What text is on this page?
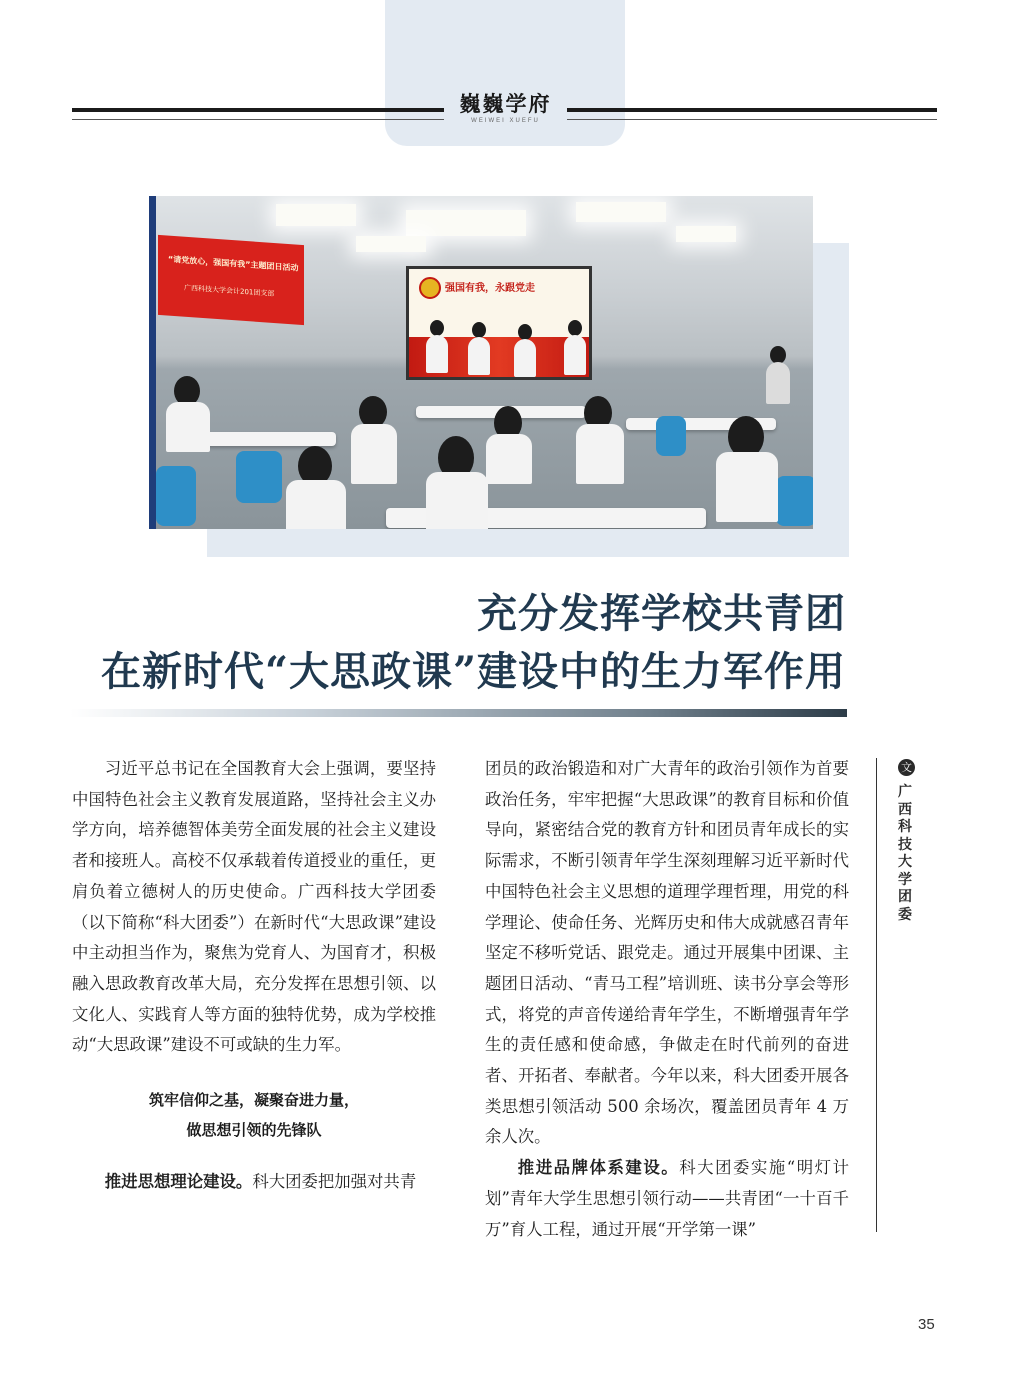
巍巍学府
WEIWEI XUEFU
“请党放心，强国有我”主题团日活动
广西科技大学会计201团支部	强国有我，永跟党走
充分发挥学校共青团
在新时代“大思政课”建设中的生力军作用

习近平总书记在全国教育大会上强调，要坚持中国特色社会主义教育发展道路，坚持社会主义办学方向，培养德智体美劳全面发展的社会主义建设者和接班人。高校不仅承载着传道授业的重任，更肩负着立德树人的历史使命。广西科技大学团委（以下简称“科大团委”）在新时代“大思政课”建设中主动担当作为，聚焦为党育人、为国育才，积极融入思政教育改革大局，充分发挥在思想引领、以文化人、实践育人等方面的独特优势，成为学校推动“大思政课”建设不可或缺的生力军。

筑牢信仰之基，凝聚奋进力量，
做思想引领的先锋队

推进思想理论建设。科大团委把加强对共青

团员的政治锻造和对广大青年的政治引领作为首要政治任务，牢牢把握“大思政课”的教育目标和价值导向，紧密结合党的教育方针和团员青年成长的实际需求，不断引领青年学生深刻理解习近平新时代中国特色社会主义思想的道理学理哲理，用党的科学理论、使命任务、光辉历史和伟大成就感召青年坚定不移听党话、跟党走。通过开展集中团课、主题团日活动、“青马工程”培训班、读书分享会等形式，将党的声音传递给青年学生，不断增强青年学生的责任感和使命感，争做走在时代前列的奋进者、开拓者、奉献者。今年以来，科大团委开展各类思想引领活动 500 余场次，覆盖团员青年 4 万余人次。

推进品牌体系建设。科大团委实施“明灯计划”青年大学生思想引领行动——共青团“一十百千万”育人工程，通过开展“开学第一课”

文
广西科技大学团委
35
